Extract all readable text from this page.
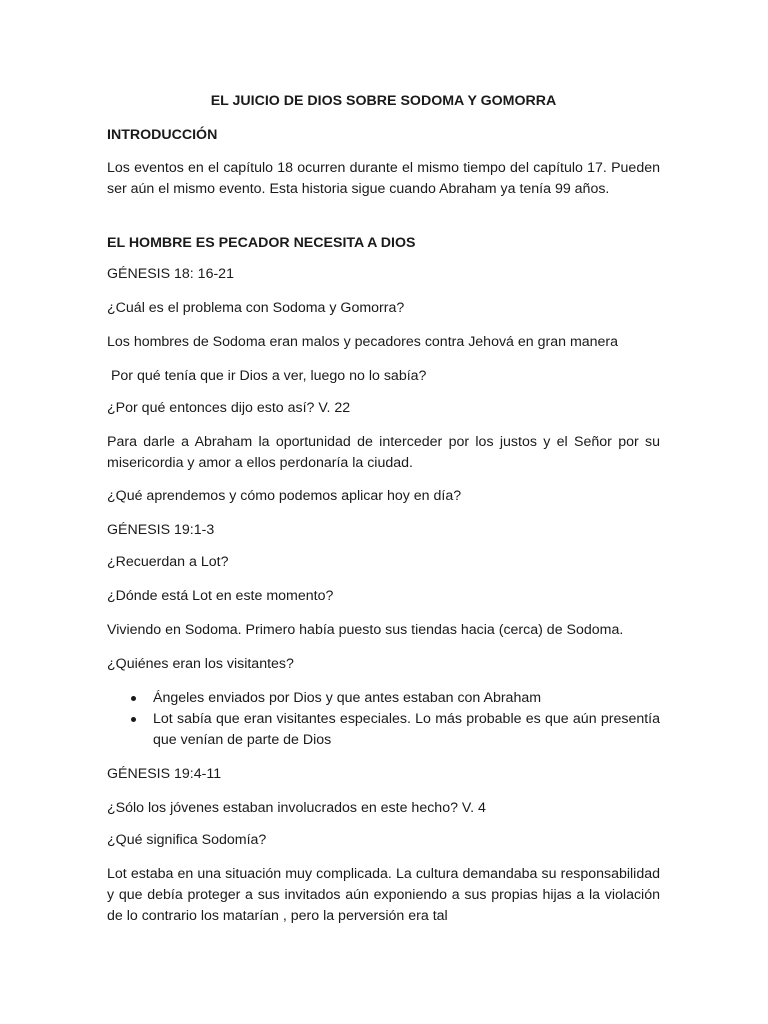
EL JUICIO DE DIOS SOBRE SODOMA Y GOMORRA
INTRODUCCIÓN

Los eventos en el capítulo 18 ocurren durante el mismo tiempo del capítulo 17. Pueden ser aún el mismo evento. Esta historia sigue cuando Abraham ya tenía 99 años.

EL HOMBRE ES PECADOR NECESITA A DIOS

GÉNESIS 18: 16-21

¿Cuál es el problema con Sodoma y Gomorra?

Los hombres de Sodoma eran malos y pecadores contra Jehová en gran manera

Por qué tenía que ir Dios a ver, luego no lo sabía?

¿Por qué entonces dijo esto así? V. 22

Para darle a Abraham la oportunidad de interceder por los justos y el Señor por su misericordia y amor a ellos perdonaría la ciudad.

¿Qué aprendemos y cómo podemos aplicar hoy en día?

GÉNESIS 19:1-3

¿Recuerdan a Lot?

¿Dónde está Lot en este momento?

Viviendo en Sodoma. Primero había puesto sus tiendas hacia (cerca) de Sodoma.

¿Quiénes eran los visitantes?

Ángeles enviados por Dios y que antes estaban con Abraham
Lot sabía que eran visitantes especiales. Lo más probable es que aún presentía que venían de parte de Dios

GÉNESIS 19:4-11

¿Sólo los jóvenes estaban involucrados en este hecho? V. 4

¿Qué significa Sodomía?

Lot estaba en una situación muy complicada. La cultura demandaba su responsabilidad y que debía proteger a sus invitados aún exponiendo a sus propias hijas a la violación de lo contrario los matarían , pero la perversión era tal
